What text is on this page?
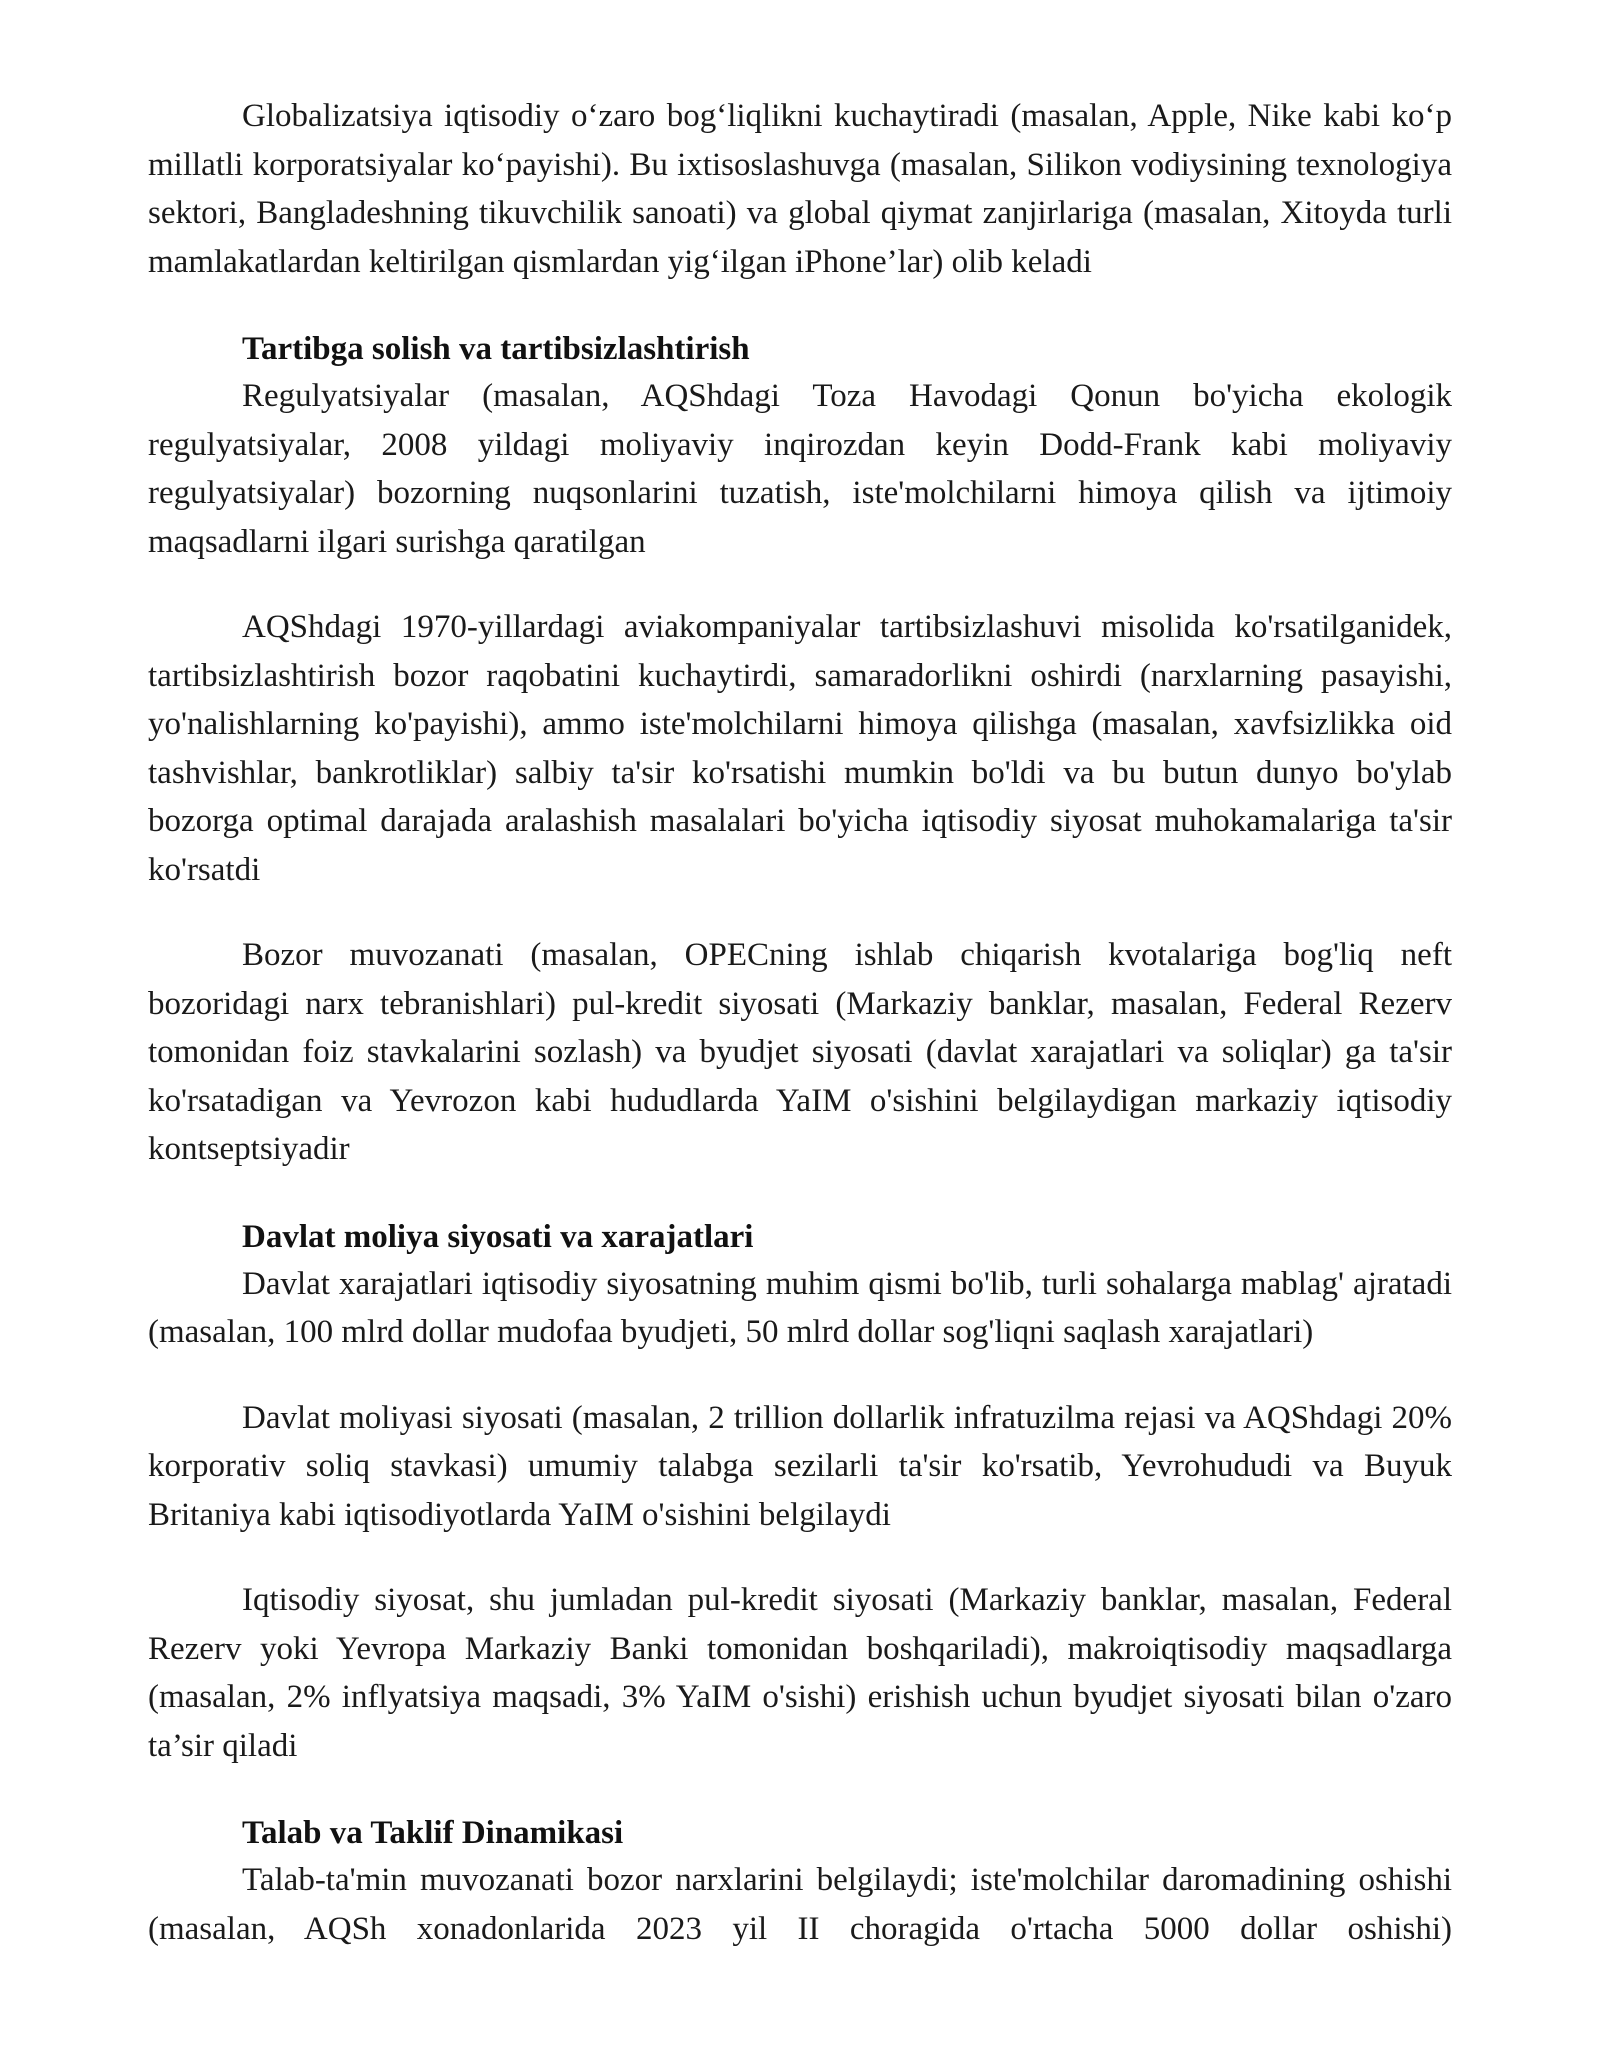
Globalizatsiya iqtisodiy o‘zaro bog‘liqlikni kuchaytiradi (masalan, Apple, Nike kabi ko‘p millatli korporatsiyalar ko‘payishi). Bu ixtisoslashuvga (masalan, Silikon vodiysining texnologiya sektori, Bangladeshning tikuvchilik sanoati) va global qiymat zanjirlariga (masalan, Xitoyda turli mamlakatlardan keltirilgan qismlardan yig‘ilgan iPhone’lar) olib keladi

Tartibga solish va tartibsizlashtirish

Regulyatsiyalar (masalan, AQShdagi Toza Havodagi Qonun bo'yicha ekologik regulyatsiyalar, 2008 yildagi moliyaviy inqirozdan keyin Dodd-Frank kabi moliyaviy regulyatsiyalar) bozorning nuqsonlarini tuzatish, iste'molchilarni himoya qilish va ijtimoiy maqsadlarni ilgari surishga qaratilgan

AQShdagi 1970-yillardagi aviakompaniyalar tartibsizlashuvi misolida ko'rsatilganidek, tartibsizlashtirish bozor raqobatini kuchaytirdi, samaradorlikni oshirdi (narxlarning pasayishi, yo'nalishlarning ko'payishi), ammo iste'molchilarni himoya qilishga (masalan, xavfsizlikka oid tashvishlar, bankrotliklar) salbiy ta'sir ko'rsatishi mumkin bo'ldi va bu butun dunyo bo'ylab bozorga optimal darajada aralashish masalalari bo'yicha iqtisodiy siyosat muhokamalariga ta'sir ko'rsatdi

Bozor muvozanati (masalan, OPECning ishlab chiqarish kvotalariga bog'liq neft bozoridagi narx tebranishlari) pul-kredit siyosati (Markaziy banklar, masalan, Federal Rezerv tomonidan foiz stavkalarini sozlash) va byudjet siyosati (davlat xarajatlari va soliqlar) ga ta'sir ko'rsatadigan va Yevrozon kabi hududlarda YaIM o'sishini belgilaydigan markaziy iqtisodiy kontseptsiyadir

Davlat moliya siyosati va xarajatlari

Davlat xarajatlari iqtisodiy siyosatning muhim qismi bo'lib, turli sohalarga mablag' ajratadi (masalan, 100 mlrd dollar mudofaa byudjeti, 50 mlrd dollar sog'liqni saqlash xarajatlari)

Davlat moliyasi siyosati (masalan, 2 trillion dollarlik infratuzilma rejasi va AQShdagi 20% korporativ soliq stavkasi) umumiy talabga sezilarli ta'sir ko'rsatib, Yevrohududi va Buyuk Britaniya kabi iqtisodiyotlarda YaIM o'sishini belgilaydi

Iqtisodiy siyosat, shu jumladan pul-kredit siyosati (Markaziy banklar, masalan, Federal Rezerv yoki Yevropa Markaziy Banki tomonidan boshqariladi), makroiqtisodiy maqsadlarga (masalan, 2% inflyatsiya maqsadi, 3% YaIM o'sishi) erishish uchun byudjet siyosati bilan o'zaro ta’sir qiladi

Talab va Taklif Dinamikasi

Talab-ta'min muvozanati bozor narxlarini belgilaydi; iste'molchilar daromadining oshishi (masalan, AQSh xonadonlarida 2023 yil II choragida o'rtacha 5000 dollar oshishi)
